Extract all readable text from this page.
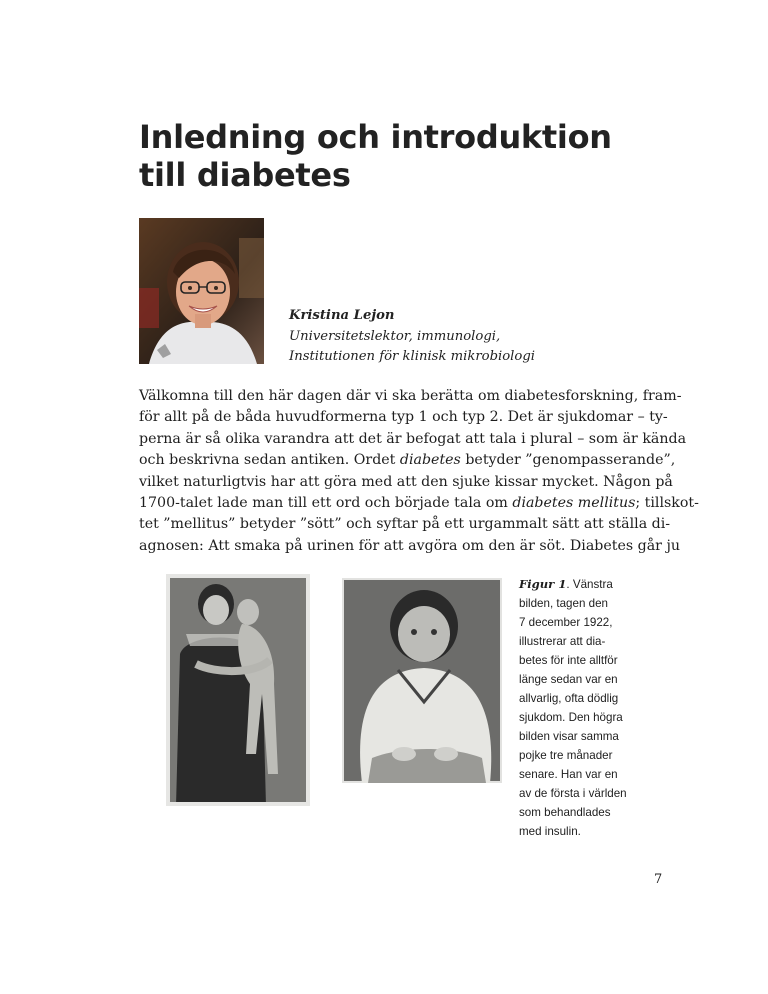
Inledning och introduktion
till diabetes
Kristina Lejon
Universitetslektor, immunologi,
Institutionen för klinisk mikrobiologi
Välkomna till den här dagen där vi ska berätta om diabetesforskning, fram-
för allt på de båda huvudformerna typ 1 och typ 2. Det är sjukdomar – ty-
perna är så olika varandra att det är befogat att tala i plural – som är kända
och beskrivna sedan antiken. Ordet diabetes betyder ”genompasserande”,
vilket naturligtvis har att göra med att den sjuke kissar mycket. Någon på
1700-talet lade man till ett ord och började tala om diabetes mellitus; tillskot-
tet ”mellitus” betyder ”sött” och syftar på ett urgammalt sätt att ställa di-
agnosen: Att smaka på urinen för att avgöra om den är söt. Diabetes går ju
Figur 1. Vänstra
bilden, tagen den
7 december 1922,
illustrerar att dia-
betes för inte alltför
länge sedan var en
allvarlig, ofta dödlig
sjukdom. Den högra
bilden visar samma
pojke tre månader
senare. Han var en
av de första i världen
som behandlades
med insulin.
7
